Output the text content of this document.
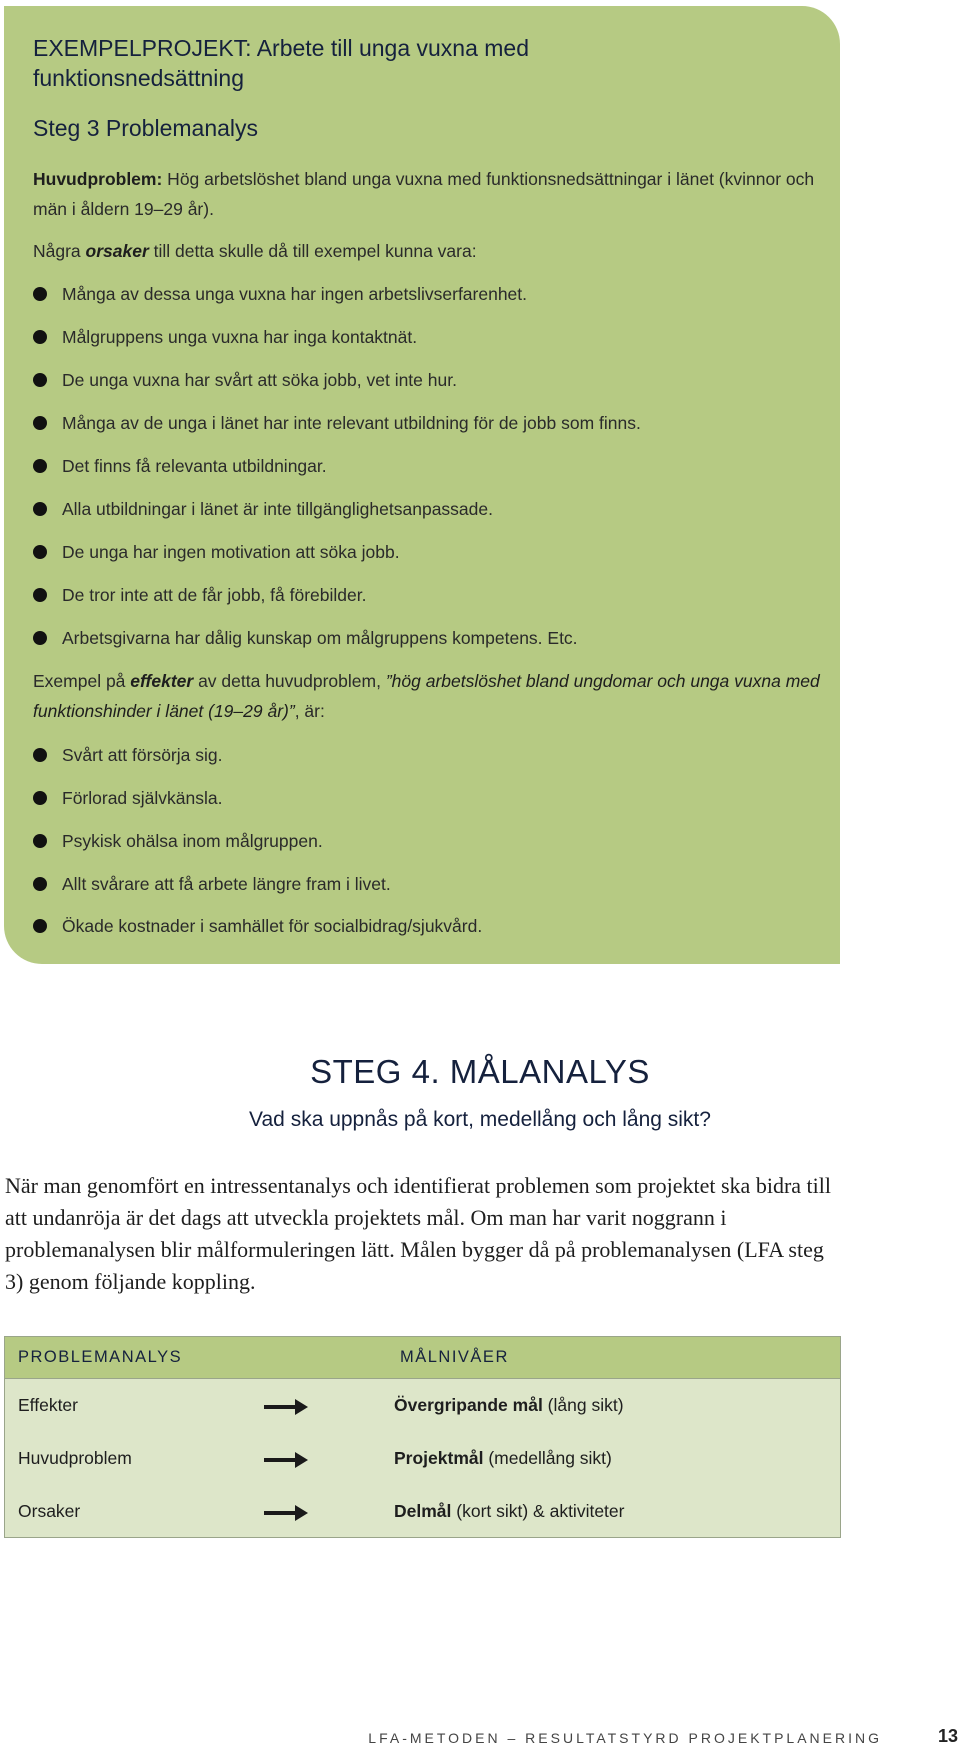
EXEMPELPROJEKT: Arbete till unga vuxna med funktionsnedsättning
Steg 3 Problemanalys
Huvudproblem: Hög arbetslöshet bland unga vuxna med funktionsnedsättningar i länet (kvinnor och män i åldern 19–29 år).
Några orsaker till detta skulle då till exempel kunna vara:
Många av dessa unga vuxna har ingen arbetslivserfarenhet.
Målgruppens unga vuxna har inga kontaktnät.
De unga vuxna har svårt att söka jobb, vet inte hur.
Många av de unga i länet har inte relevant utbildning för de jobb som finns.
Det finns få relevanta utbildningar.
Alla utbildningar i länet är inte tillgänglighetsanpassade.
De unga har ingen motivation att söka jobb.
De tror inte att de får jobb, få förebilder.
Arbetsgivarna har dålig kunskap om målgruppens kompetens. Etc.
Exempel på effekter av detta huvudproblem, ”hög arbetslöshet bland ungdomar och unga vuxna med funktionshinder i länet (19–29 år)”, är:
Svårt att försörja sig.
Förlorad självkänsla.
Psykisk ohälsa inom målgruppen.
Allt svårare att få arbete längre fram i livet.
Ökade kostnader i samhället för socialbidrag/sjukvård.
STEG 4. MÅLANALYS
Vad ska uppnås på kort, medellång och lång sikt?
När man genomfört en intressentanalys och identifierat problemen som projektet ska bidra till att undanröja är det dags att utveckla projektets mål. Om man har varit noggrann i problemanalysen blir målformuleringen lätt. Målen bygger då på problemanalysen (LFA steg 3) genom följande koppling.
PROBLEMANALYS	MÅLNIVÅER
Effekter	Övergripande mål (lång sikt)
Huvudproblem	Projektmål (medellång sikt)
Orsaker	Delmål (kort sikt) & aktiviteter
LFA-METODEN – RESULTATSTYRD PROJEKTPLANERING	13
